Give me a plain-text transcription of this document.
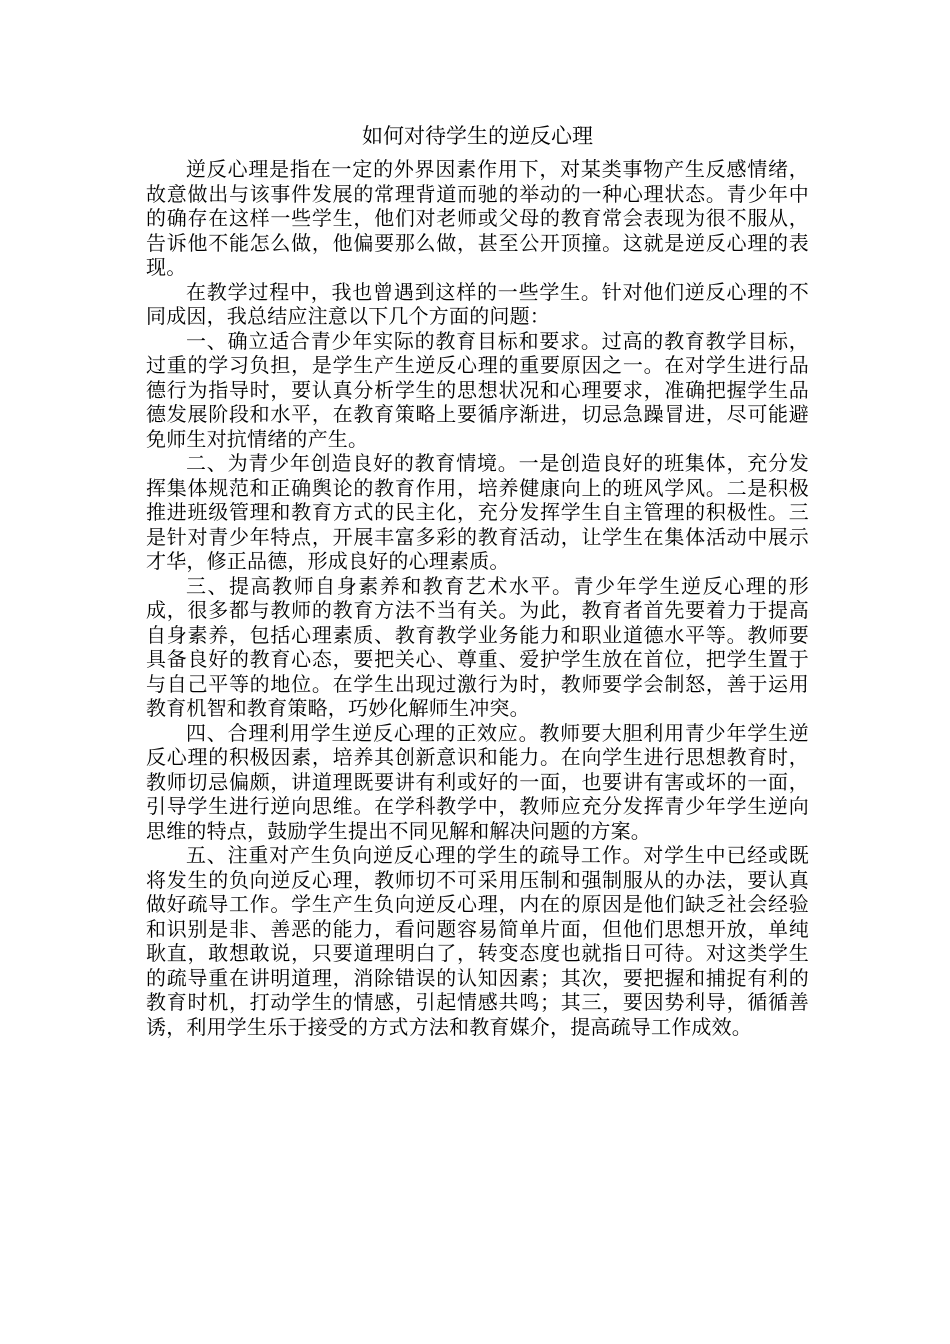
如何对待学生的逆反心理

逆反心理是指在一定的外界因素作用下，对某类事物产生反感情绪，故意做出与该事件发展的常理背道而驰的举动的一种心理状态。青少年中的确存在这样一些学生，他们对老师或父母的教育常会表现为很不服从，告诉他不能怎么做，他偏要那么做，甚至公开顶撞。这就是逆反心理的表现。

在教学过程中，我也曾遇到这样的一些学生。针对他们逆反心理的不同成因，我总结应注意以下几个方面的问题：

一、确立适合青少年实际的教育目标和要求。过高的教育教学目标，过重的学习负担，是学生产生逆反心理的重要原因之一。在对学生进行品德行为指导时，要认真分析学生的思想状况和心理要求，准确把握学生品德发展阶段和水平，在教育策略上要循序渐进，切忌急躁冒进，尽可能避免师生对抗情绪的产生。

二、为青少年创造良好的教育情境。一是创造良好的班集体，充分发挥集体规范和正确舆论的教育作用，培养健康向上的班风学风。二是积极推进班级管理和教育方式的民主化，充分发挥学生自主管理的积极性。三是针对青少年特点，开展丰富多彩的教育活动，让学生在集体活动中展示才华，修正品德，形成良好的心理素质。

三、提高教师自身素养和教育艺术水平。青少年学生逆反心理的形成，很多都与教师的教育方法不当有关。为此，教育者首先要着力于提高自身素养，包括心理素质、教育教学业务能力和职业道德水平等。教师要具备良好的教育心态，要把关心、尊重、爱护学生放在首位，把学生置于与自己平等的地位。在学生出现过激行为时，教师要学会制怒，善于运用教育机智和教育策略，巧妙化解师生冲突。

四、合理利用学生逆反心理的正效应。教师要大胆利用青少年学生逆反心理的积极因素，培养其创新意识和能力。在向学生进行思想教育时，教师切忌偏颇，讲道理既要讲有利或好的一面，也要讲有害或坏的一面，引导学生进行逆向思维。在学科教学中，教师应充分发挥青少年学生逆向思维的特点，鼓励学生提出不同见解和解决问题的方案。

五、注重对产生负向逆反心理的学生的疏导工作。对学生中已经或既将发生的负向逆反心理，教师切不可采用压制和强制服从的办法，要认真做好疏导工作。学生产生负向逆反心理，内在的原因是他们缺乏社会经验和识别是非、善恶的能力，看问题容易简单片面，但他们思想开放，单纯耿直，敢想敢说，只要道理明白了，转变态度也就指日可待。对这类学生的疏导重在讲明道理，消除错误的认知因素；其次，要把握和捕捉有利的教育时机，打动学生的情感，引起情感共鸣；其三，要因势利导，循循善诱，利用学生乐于接受的方式方法和教育媒介，提高疏导工作成效。
